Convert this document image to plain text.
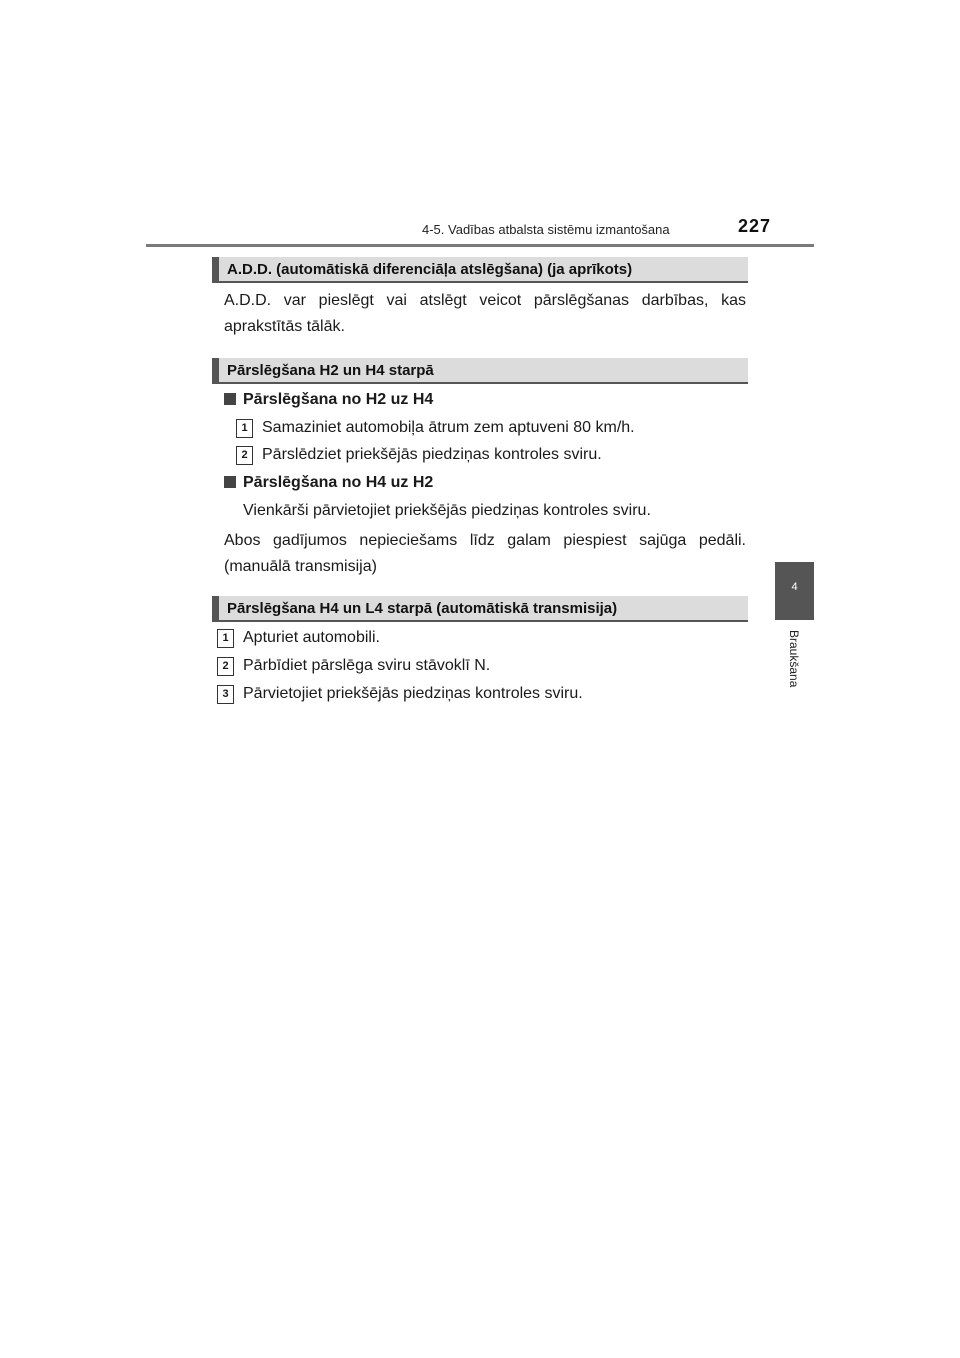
4-5. Vadības atbalsta sistēmu izmantošana	227
4
Braukšana
A.D.D. (automātiskā diferenciāļa atslēgšana) (ja aprīkots)
A.D.D. var pieslēgt vai atslēgt veicot pārslēgšanas darbības, kas
aprakstītās tālāk.
Pārslēgšana H2 un H4 starpā
Pārslēgšana no H2 uz H4
1 Samaziniet automobiļa ātrum zem aptuveni 80 km/h.
2 Pārslēdziet priekšējās piedziņas kontroles sviru.
Pārslēgšana no H4 uz H2
Vienkārši pārvietojiet priekšējās piedziņas kontroles sviru.
Abos gadījumos nepieciešams līdz galam piespiest sajūga pedāli.
(manuālā transmisija)
Pārslēgšana H4 un L4 starpā (automātiskā transmisija)
1 Apturiet automobili.
2 Pārbīdiet pārslēga sviru stāvoklī N.
3 Pārvietojiet priekšējās piedziņas kontroles sviru.
